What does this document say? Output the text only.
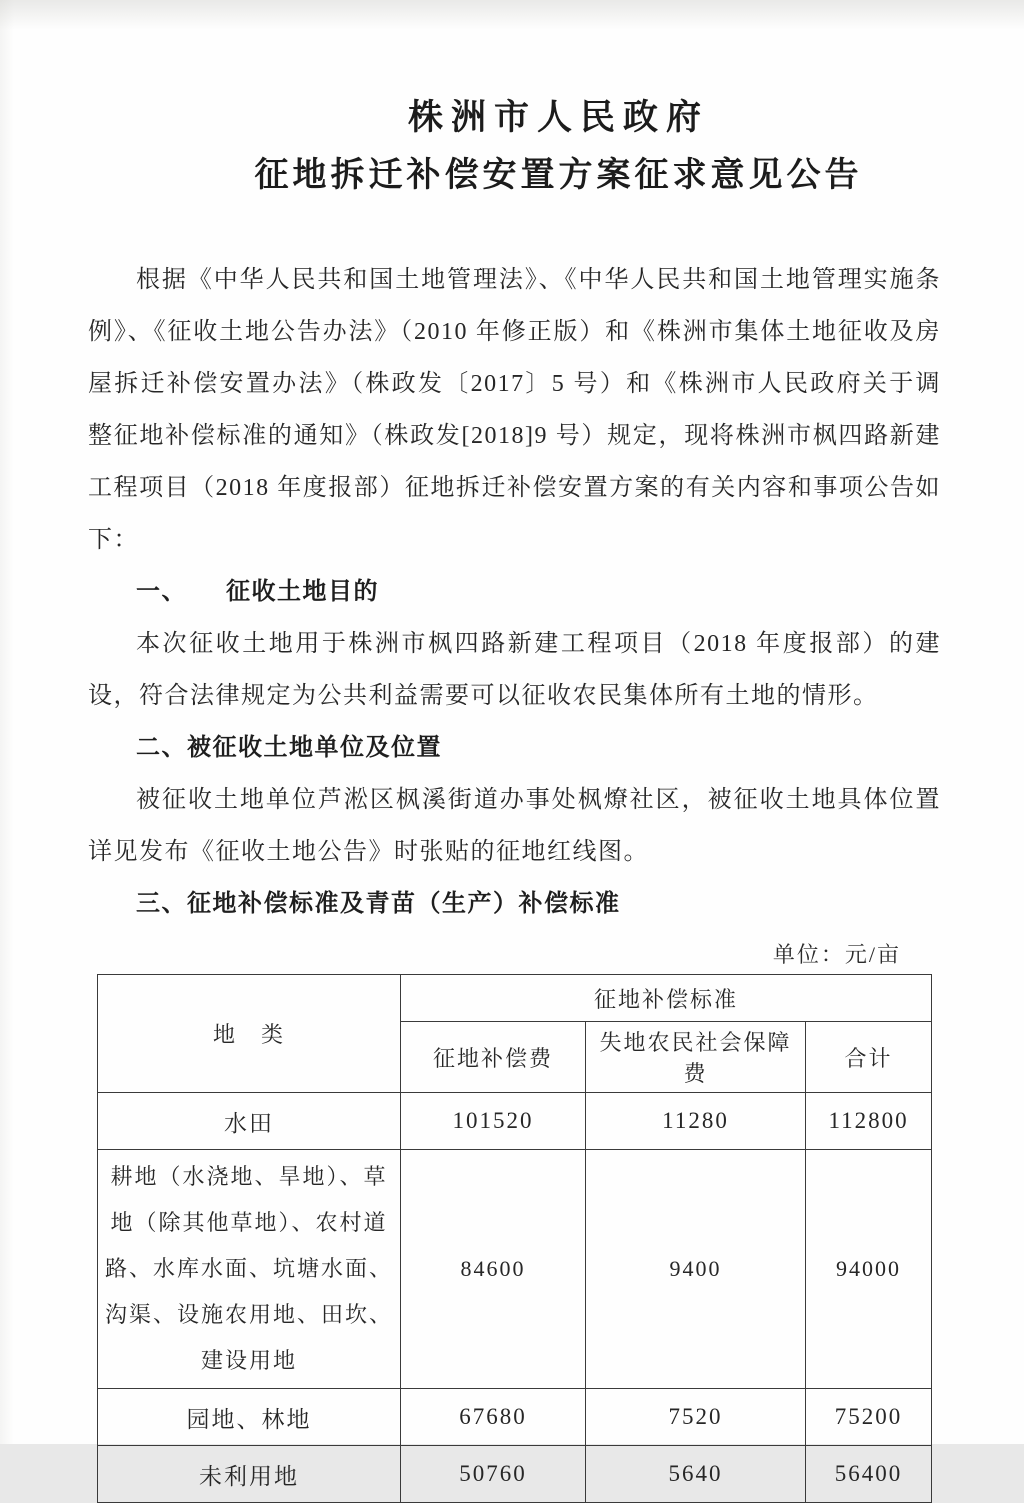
株洲市人民政府
征地拆迁补偿安置方案征求意见公告

根据《中华人民共和国土地管理法》、《中华人民共和国土地管理实施条例》、《征收土地公告办法》（2010 年修正版）和《株洲市集体土地征收及房屋拆迁补偿安置办法》（株政发〔2017〕5 号）和《株洲市人民政府关于调整征地补偿标准的通知》（株政发[2018]9 号）规定，现将株洲市枫四路新建工程项目（2018 年度报部）征地拆迁补偿安置方案的有关内容和事项公告如下：

一、　　征收土地目的

本次征收土地用于株洲市枫四路新建工程项目（2018 年度报部）的建设，符合法律规定为公共利益需要可以征收农民集体所有土地的情形。

二、被征收土地单位及位置

被征收土地单位芦淞区枫溪街道办事处枫燎社区，被征收土地具体位置详见发布《征收土地公告》时张贴的征地红线图。

三、征地补偿标准及青苗（生产）补偿标准

单位：元/亩
地　类	征地补偿标准		
	征地补偿费	失地农民社会保障费	合计
水田	101520	11280	112800
耕地（水浇地、旱地）、草地（除其他草地）、农村道路、水库水面、坑塘水面、沟渠、设施农用地、田坎、建设用地	84600	9400	94000
园地、林地	67680	7520	75200
未利用地	50760	5640	56400
